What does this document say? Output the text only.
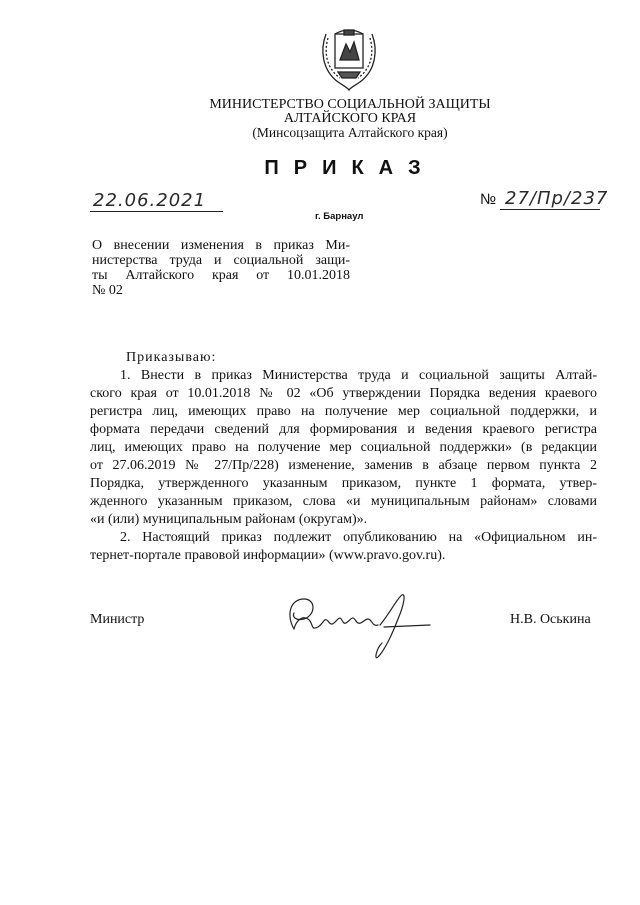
МИНИСТЕРСТВО СОЦИАЛЬНОЙ ЗАЩИТЫ
АЛТАЙСКОГО КРАЯ
(Минсоцзащита Алтайского края)
ПРИКАЗ
22.06.2021
г. Барнаул
№ 27/Пр/237
О внесении изменения в приказ Ми-
нистерства труда и социальной защи-
ты Алтайского края от 10.01.2018
№ 02
Приказываю:
1. Внести в приказ Министерства труда и социальной защиты Алтай-
ского края от 10.01.2018 № 02 «Об утверждении Порядка ведения краевого
регистра лиц, имеющих право на получение мер социальной поддержки, и
формата передачи сведений для формирования и ведения краевого регистра
лиц, имеющих право на получение мер социальной поддержки» (в редакции
от 27.06.2019 № 27/Пр/228) изменение, заменив в абзаце первом пункта 2
Порядка, утвержденного указанным приказом, пункте 1 формата, утвер-
жденного указанным приказом, слова «и муниципальным районам» словами
«и (или) муниципальным районам (округам)».
2. Настоящий приказ подлежит опубликованию на «Официальном ин-
тернет-портале правовой информации» (www.pravo.gov.ru).
Министр	Н.В. Оськина
